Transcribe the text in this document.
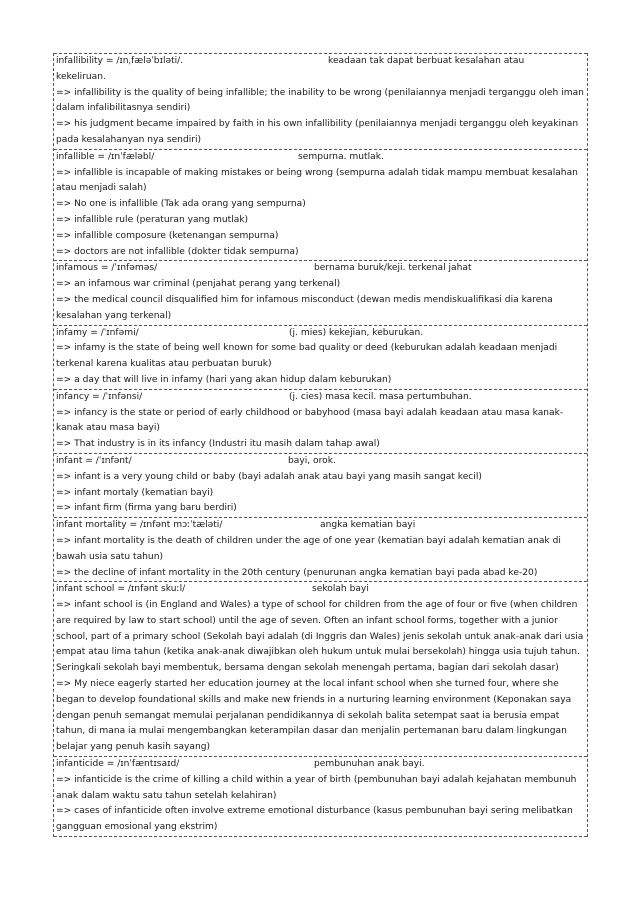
infallibility = /ɪnˌfæləˈbɪləti/.	keadaan tak dapat berbuat kesalahan atau
kekeliruan.
=> infallibility is the quality of being infallible; the inability to be wrong (penilaiannya menjadi terganggu oleh iman dalam infalibilitasnya sendiri)
=> his judgment became impaired by faith in his own infallibility (penilaiannya menjadi terganggu oleh keyakinan pada kesalahanyan nya sendiri)
infallible = /ɪnˈfæləbl/	sempurna. mutlak.
=> infallible is incapable of making mistakes or being wrong (sempurna adalah tidak mampu membuat kesalahan atau menjadi salah)
=> No one is infallible (Tak ada orang yang sempurna)
=> infallible rule (peraturan yang mutlak)
=> infallible composure (ketenangan sempurna)
=> doctors are not infallible (dokter tidak sempurna)
infamous = /ˈɪnfəməs/	bernama buruk/keji. terkenal jahat
=> an infamous war criminal (penjahat perang yang terkenal)
=> the medical council disqualified him for infamous misconduct (dewan medis mendiskualifikasi dia karena kesalahan yang terkenal)
infamy = /ˈɪnfəmi/	(j. mies) kekejian, keburukan.
=> infamy is the state of being well known for some bad quality or deed (keburukan adalah keadaan menjadi terkenal karena kualitas atau perbuatan buruk)
=> a day that will live in infamy (hari yang akan hidup dalam keburukan)
infancy = /ˈɪnfənsi/	(j. cies) masa kecil. masa pertumbuhan.
=> infancy is the state or period of early childhood or babyhood (masa bayi adalah keadaan atau masa kanak-kanak atau masa bayi)
=> That industry is in its infancy (Industri itu masih dalam tahap awal)
infant = /ˈɪnfənt/	bayi, orok.
=> infant is a very young child or baby (bayi adalah anak atau bayi yang masih sangat kecil)
=> infant mortaly (kematian bayi)
=> infant firm (firma yang baru berdiri)
infant mortality = /ɪnfənt mɔːˈtæləti/	angka kematian bayi
=> infant mortality is the death of children under the age of one year (kematian bayi adalah kematian anak di bawah usia satu tahun)
=> the decline of infant mortality in the 20th century (penurunan angka kematian bayi pada abad ke-20)
infant school = /ɪnfənt skuːl/	sekolah bayi
=> infant school is (in England and Wales) a type of school for children from the age of four or five (when children are required by law to start school) until the age of seven. Often an infant school forms, together with a junior school, part of a primary school (Sekolah bayi adalah (di Inggris dan Wales) jenis sekolah untuk anak-anak dari usia empat atau lima tahun (ketika anak-anak diwajibkan oleh hukum untuk mulai bersekolah) hingga usia tujuh tahun. Seringkali sekolah bayi membentuk, bersama dengan sekolah menengah pertama, bagian dari sekolah dasar)
=> My niece eagerly started her education journey at the local infant school when she turned four, where she began to develop foundational skills and make new friends in a nurturing learning environment (Keponakan saya dengan penuh semangat memulai perjalanan pendidikannya di sekolah balita setempat saat ia berusia empat tahun, di mana ia mulai mengembangkan keterampilan dasar dan menjalin pertemanan baru dalam lingkungan belajar yang penuh kasih sayang)
infanticide = /ɪnˈfæntɪsaɪd/	pembunuhan anak bayi.
=> infanticide is the crime of killing a child within a year of birth (pembunuhan bayi adalah kejahatan membunuh anak dalam waktu satu tahun setelah kelahiran)
=> cases of infanticide often involve extreme emotional disturbance (kasus pembunuhan bayi sering melibatkan gangguan emosional yang ekstrim)
